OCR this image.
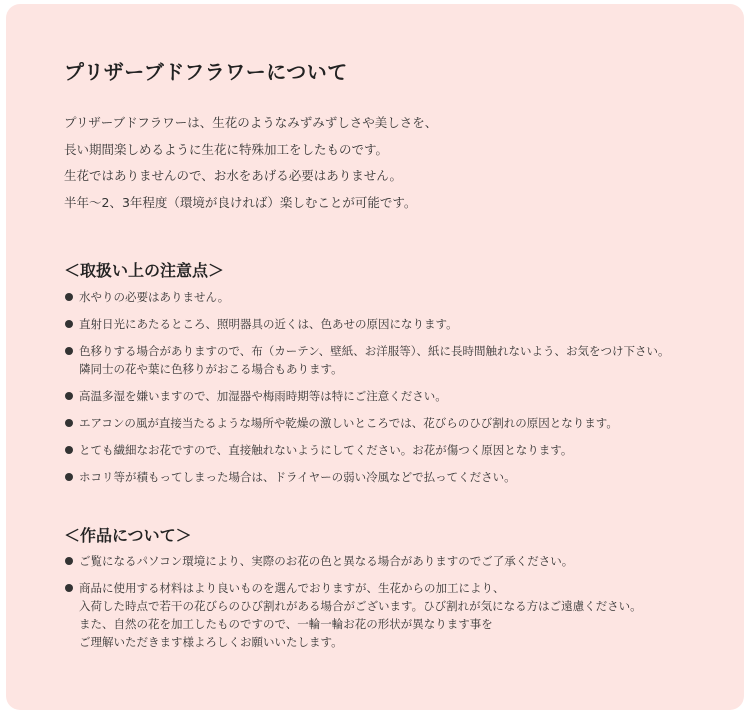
プリザーブドフラワーについて
プリザーブドフラワーは、生花のようなみずみずしさや美しさを、
長い期間楽しめるように生花に特殊加工をしたものです。
生花ではありませんので、お水をあげる必要はありません。
半年〜2、3年程度（環境が良ければ）楽しむことが可能です。
＜取扱い上の注意点＞
水やりの必要はありません。
直射日光にあたるところ、照明器具の近くは、色あせの原因になります。
色移りする場合がありますので、布（カーテン、壁紙、お洋服等）、紙に長時間触れないよう、お気をつけ下さい。
隣同士の花や葉に色移りがおこる場合もあります。
高温多湿を嫌いますので、加湿器や梅雨時期等は特にご注意ください。
エアコンの風が直接当たるような場所や乾燥の激しいところでは、花びらのひび割れの原因となります。
とても繊細なお花ですので、直接触れないようにしてください。お花が傷つく原因となります。
ホコリ等が積もってしまった場合は、ドライヤーの弱い冷風などで払ってください。
＜作品について＞
ご覧になるパソコン環境により、実際のお花の色と異なる場合がありますのでご了承ください。
商品に使用する材料はより良いものを選んでおりますが、生花からの加工により、
入荷した時点で若干の花びらのひび割れがある場合がございます。ひび割れが気になる方はご遠慮ください。
また、自然の花を加工したものですので、一輪一輪お花の形状が異なります事を
ご理解いただきます様よろしくお願いいたします。
